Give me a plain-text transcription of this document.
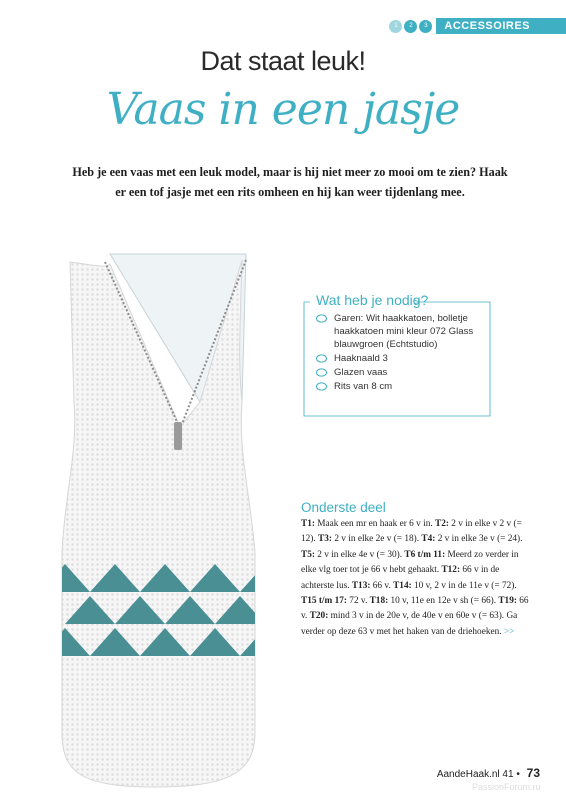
1	2	3	ACCESSOIRES
Dat staat leuk!
Vaas in een jasje
Heb je een vaas met een leuk model, maar is hij niet meer zo mooi om te zien? Haak er een tof jasje met een rits omheen en hij kan weer tijdenlang mee.
Wat heb je nodig?
Garen: Wit haakkatoen, bolletje haakkatoen mini kleur 072 Glass blauwgroen (Echtstudio)
Haaknaald 3
Glazen vaas
Rits van 8 cm
Onderste deel

T1: Maak een mr en haak er 6 v in. T2: 2 v in elke v 2 v (= 12). T3: 2 v in elke 2e v (= 18). T4: 2 v in elke 3e v (= 24). T5: 2 v in elke 4e v (= 30). T6 t/m 11: Meerd zo verder in elke vlg toer tot je 66 v hebt gehaakt. T12: 66 v in de achterste lus. T13: 66 v. T14: 10 v, 2 v in de 11e v (= 72). T15 t/m 17: 72 v. T18: 10 v, 11e en 12e v sh (= 66). T19: 66 v. T20: mind 3 v in de 20e v, de 40e v en 60e v (= 63). Ga verder op deze 63 v met het haken van de driehoeken. >>

AandeHaak.nl 41 • 73
PassionForum.ru
